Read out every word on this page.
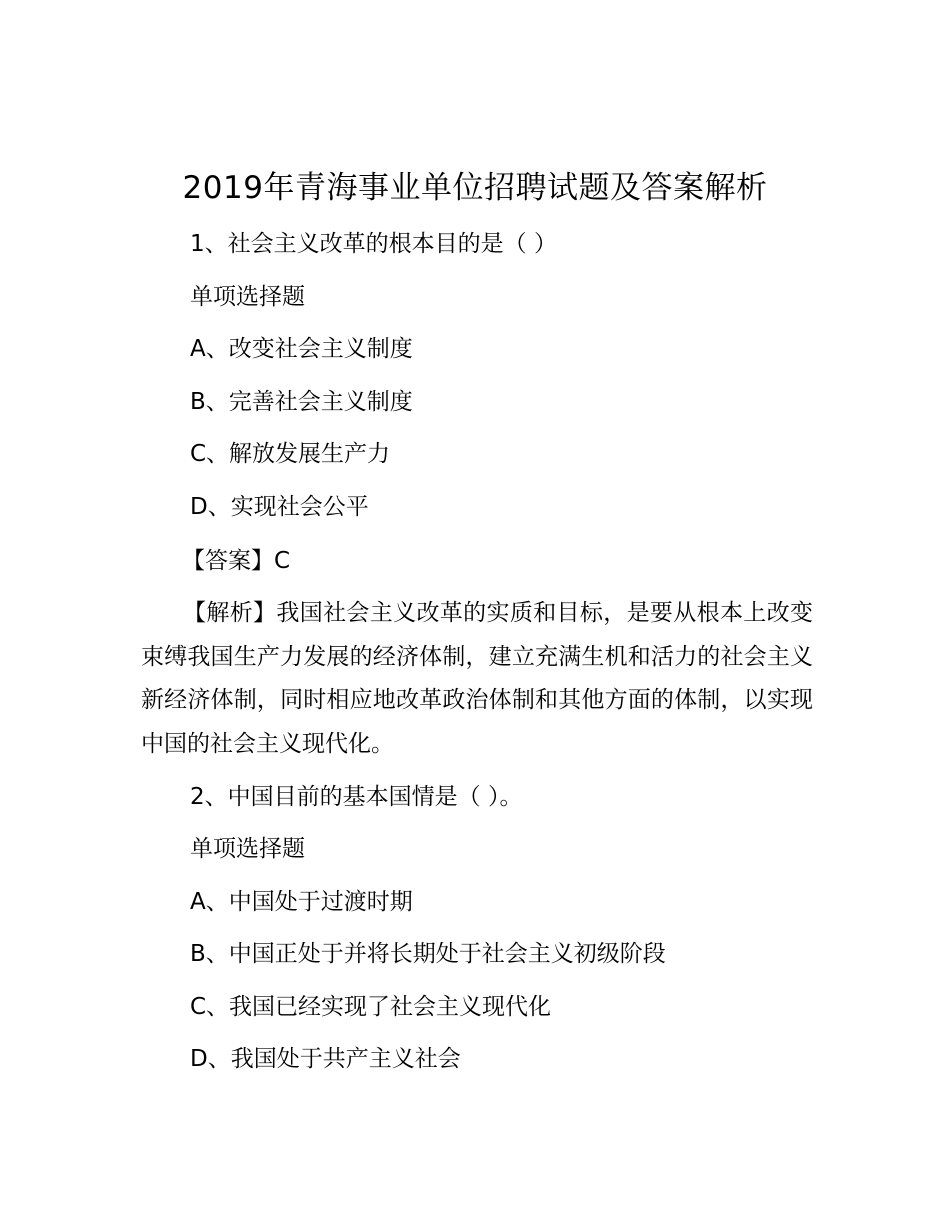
2019年青海事业单位招聘试题及答案解析
1、社会主义改革的根本目的是（ ）
单项选择题
A、改变社会主义制度
B、完善社会主义制度
C、解放发展生产力
D、实现社会公平
【答案】C
【解析】我国社会主义改革的实质和目标，是要从根本上改变束缚我国生产力发展的经济体制，建立充满生机和活力的社会主义新经济体制，同时相应地改革政治体制和其他方面的体制，以实现中国的社会主义现代化。
2、中国目前的基本国情是（ ）。
单项选择题
A、中国处于过渡时期
B、中国正处于并将长期处于社会主义初级阶段
C、我国已经实现了社会主义现代化
D、我国处于共产主义社会
